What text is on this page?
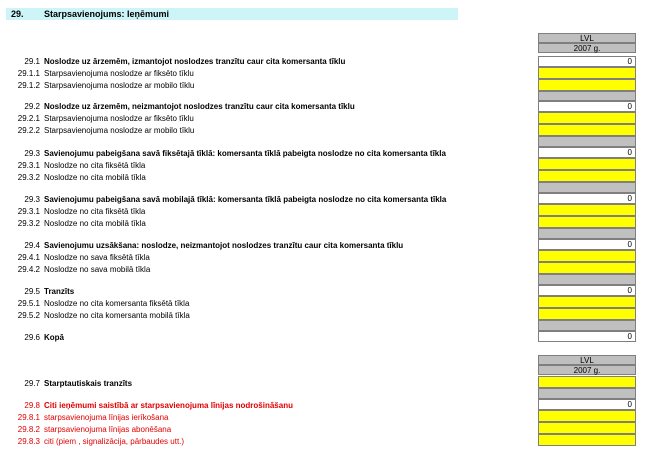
29. Starpsavienojums: Ieņēmumi
LVL
2007 g.
29.1 Noslodze uz ārzemēm, izmantojot noslodzes tranzītu caur cita komersanta tīklu	0
29.1.1 Starpsavienojuma noslodze ar fiksēto tīklu
29.1.2 Starpsavienojuma noslodze ar mobilo tīklu
29.2 Noslodze uz ārzemēm, neizmantojot noslodzes tranzītu caur cita komersanta tīklu	0
29.2.1 Starpsavienojuma noslodze ar fiksēto tīklu
29.2.2 Starpsavienojuma noslodze ar mobilo tīklu
29.3 Savienojumu pabeigšana savā fiksētajā tīklā: komersanta tīklā pabeigta noslodze no cita komersanta tīkla	0
29.3.1 Noslodze no cita fiksētā tīkla
29.3.2 Noslodze no cita mobilā tīkla
29.3 Savienojumu pabeigšana savā mobilajā tīklā: komersanta tīklā pabeigta noslodze no cita komersanta tīkla	0
29.3.1 Noslodze no cita fiksētā tīkla
29.3.2 Noslodze no cita mobilā tīkla
29.4 Savienojumu uzsākšana: noslodze, neizmantojot noslodzes tranzītu caur cita komersanta tīklu	0
29.4.1 Noslodze no sava fiksētā tīkla
29.4.2 Noslodze no sava mobilā tīkla
29.5 Tranzīts	0
29.5.1 Noslodze no cita komersanta fiksētā tīkla
29.5.2 Noslodze no cita komersanta mobilā tīkla
29.6 Kopā	0
LVL
2007 g.
29.7 Starptautiskais tranzīts
29.8 Citi ieņēmumi saistībā ar starpsavienojuma līnijas nodrošināšanu	0
29.8.1 starpsavienojuma līnijas ierīkošana
29.8.2 starpsavienojuma līnijas abonēšana
29.8.3 citi (piem , signalizācija, pārbaudes utt.)
